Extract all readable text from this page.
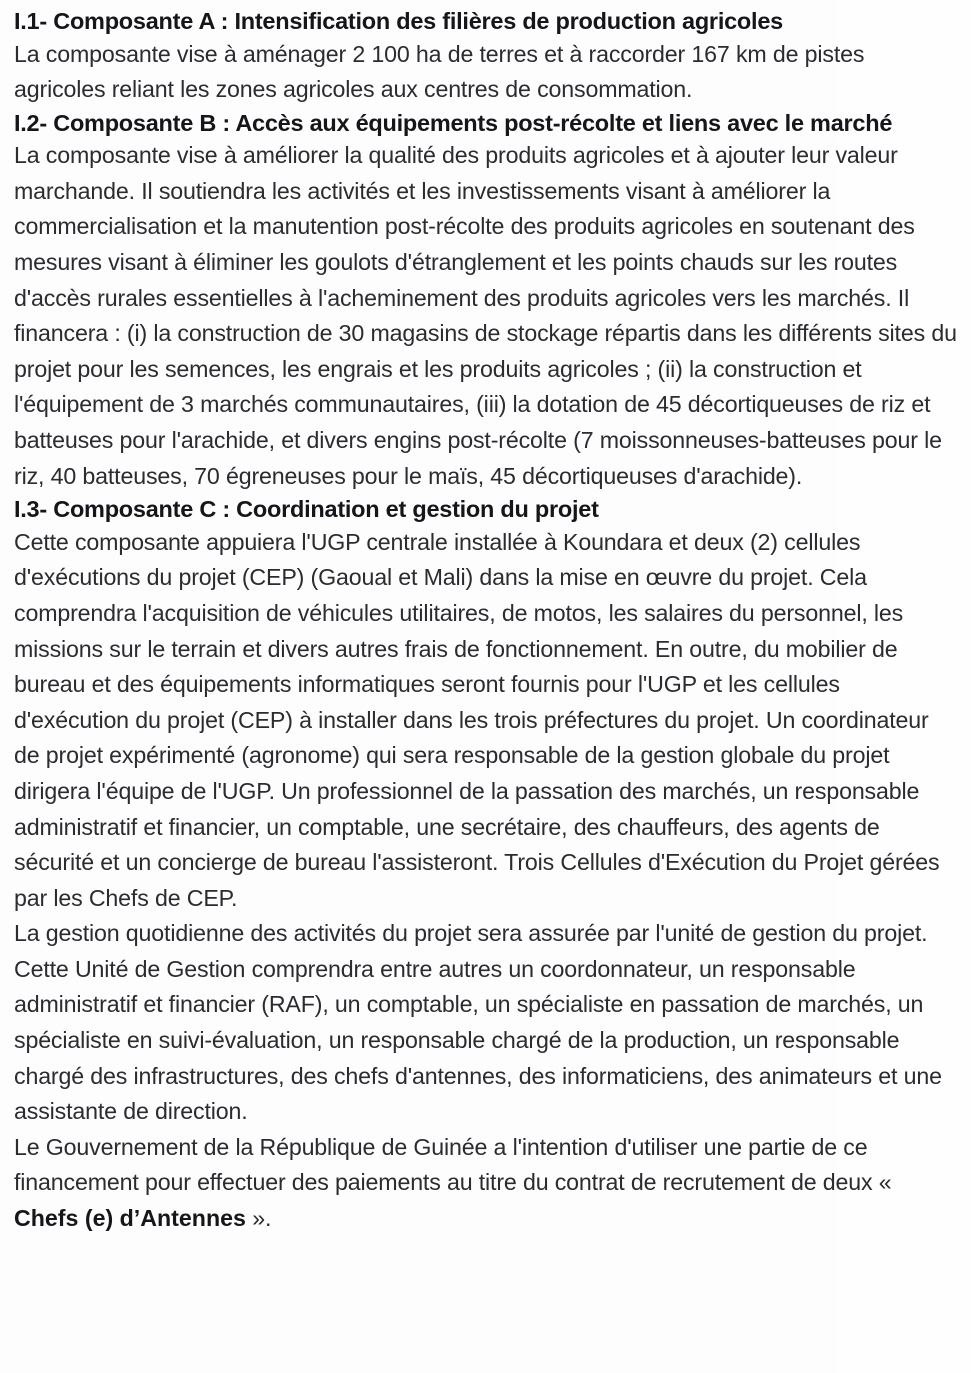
I.1- Composante A : Intensification des filières de production agricoles

La composante vise à aménager 2 100 ha de terres et à raccorder 167 km de pistes agricoles reliant les zones agricoles aux centres de consommation.

I.2- Composante B : Accès aux équipements post-récolte et liens avec le marché

La composante vise à améliorer la qualité des produits agricoles et à ajouter leur valeur marchande. Il soutiendra les activités et les investissements visant à améliorer la commercialisation et la manutention post-récolte des produits agricoles en soutenant des mesures visant à éliminer les goulots d'étranglement et les points chauds sur les routes d'accès rurales essentielles à l'acheminement des produits agricoles vers les marchés. Il financera : (i) la construction de 30 magasins de stockage répartis dans les différents sites du projet pour les semences, les engrais et les produits agricoles ; (ii) la construction et l'équipement de 3 marchés communautaires, (iii) la dotation de 45 décortiqueuses de riz et batteuses pour l'arachide, et divers engins post-récolte (7 moissonneuses-batteuses pour le riz, 40 batteuses, 70 égreneuses pour le maïs, 45 décortiqueuses d'arachide).

I.3- Composante C : Coordination et gestion du projet

Cette composante appuiera l'UGP centrale installée à Koundara et deux (2) cellules d'exécutions du projet (CEP) (Gaoual et Mali) dans la mise en œuvre du projet. Cela comprendra l'acquisition de véhicules utilitaires, de motos, les salaires du personnel, les missions sur le terrain et divers autres frais de fonctionnement. En outre, du mobilier de bureau et des équipements informatiques seront fournis pour l'UGP et les cellules d'exécution du projet (CEP) à installer dans les trois préfectures du projet. Un coordinateur de projet expérimenté (agronome) qui sera responsable de la gestion globale du projet dirigera l'équipe de l'UGP. Un professionnel de la passation des marchés, un responsable administratif et financier, un comptable, une secrétaire, des chauffeurs, des agents de sécurité et un concierge de bureau l'assisteront. Trois Cellules d'Exécution du Projet gérées par les Chefs de CEP.

La gestion quotidienne des activités du projet sera assurée par l'unité de gestion du projet. Cette Unité de Gestion comprendra entre autres un coordonnateur, un responsable administratif et financier (RAF), un comptable, un spécialiste en passation de marchés, un spécialiste en suivi-évaluation, un responsable chargé de la production, un responsable chargé des infrastructures, des chefs d'antennes, des informaticiens, des animateurs et une assistante de direction.

Le Gouvernement de la République de Guinée a l'intention d'utiliser une partie de ce financement pour effectuer des paiements au titre du contrat de recrutement de deux « Chefs (e) d’Antennes ».
